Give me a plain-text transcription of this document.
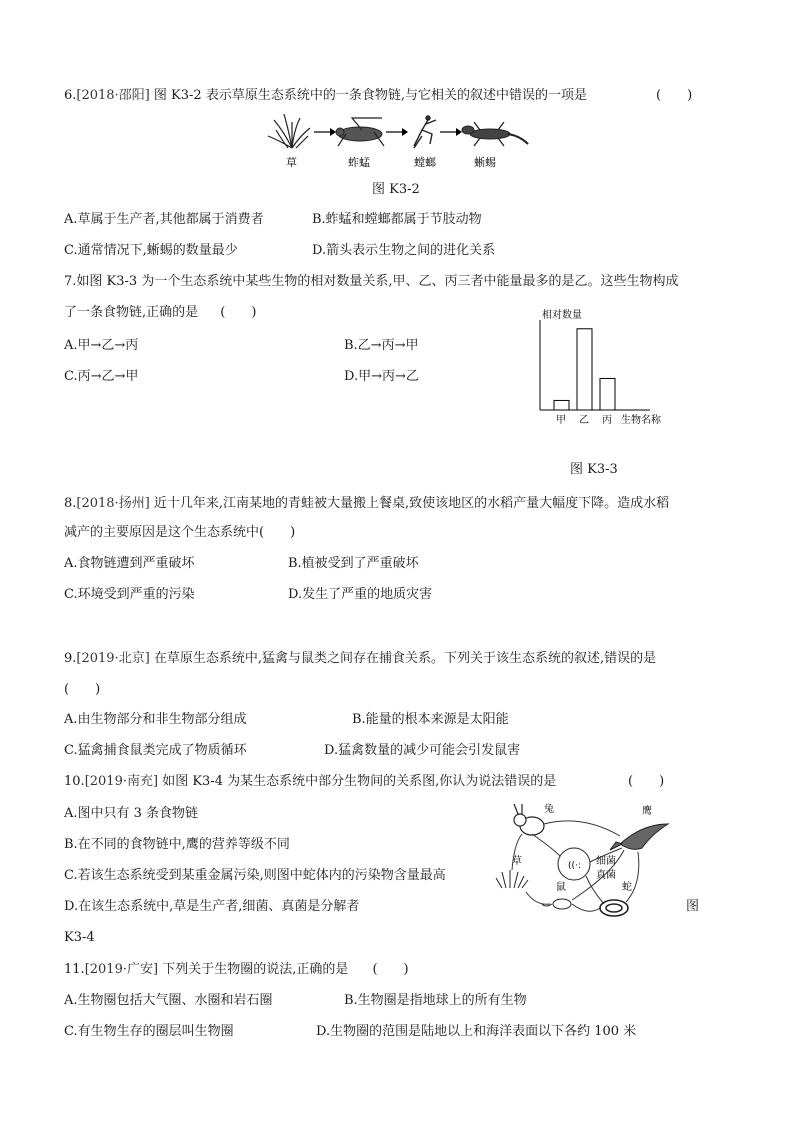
6.[2018·邵阳] 图 K3-2 表示草原生态系统中的一条食物链,与它相关的叙述中错误的一项是	(　　)
草	蚱蜢	螳螂	蜥蜴
图 K3-2
A.草属于生产者,其他都属于消费者	B.蚱蜢和螳螂都属于节肢动物
C.通常情况下,蜥蜴的数量最少	D.箭头表示生物之间的进化关系
7.如图 K3-3 为一个生态系统中某些生物的相对数量关系,甲、乙、丙三者中能量最多的是乙。这些生物构成
了一条食物链,正确的是 (　　)
A.甲→乙→丙	B.乙→丙→甲
C.丙→乙→甲	D.甲→丙→乙
相对数量
甲 乙 丙 生物名称
图 K3-3
8.[2018·扬州] 近十几年来,江南某地的青蛙被大量搬上餐桌,致使该地区的水稻产量大幅度下降。造成水稻
减产的主要原因是这个生态系统中(　　)
A.食物链遭到严重破坏	B.植被受到了严重破坏
C.环境受到严重的污染	D.发生了严重的地质灾害
9.[2019·北京] 在草原生态系统中,猛禽与鼠类之间存在捕食关系。下列关于该生态系统的叙述,错误的是
(　　)
A.由生物部分和非生物部分组成	B.能量的根本来源是太阳能
C.猛禽捕食鼠类完成了物质循环	D.猛禽数量的减少可能会引发鼠害
10.[2019·南充] 如图 K3-4 为某生态系统中部分生物间的关系图,你认为说法错误的是	(　　)
A.图中只有 3 条食物链
B.在不同的食物链中,鹰的营养等级不同
C.若该生态系统受到某重金属污染,则图中蛇体内的污染物含量最高
D.在该生态系统中,草是生产者,细菌、真菌是分解者
兔	鹰
((·: 细菌
真菌
草
鼠	蛇
图
K3-4
11.[2019·广安] 下列关于生物圈的说法,正确的是 (　　)
A.生物圈包括大气圈、水圈和岩石圈	B.生物圈是指地球上的所有生物
C.有生物生存的圈层叫生物圈	D.生物圈的范围是陆地以上和海洋表面以下各约 100 米
